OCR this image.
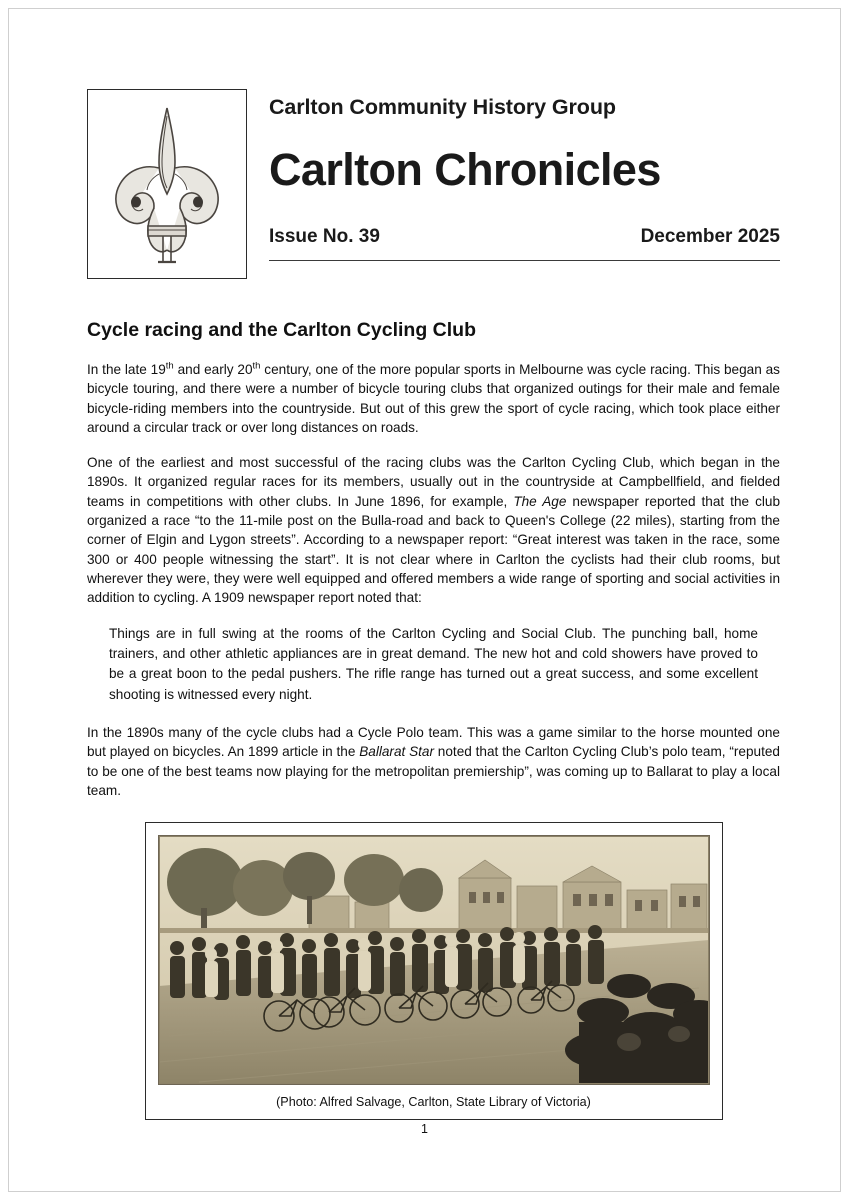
Carlton Community History Group
Carlton Chronicles
Issue No. 39	December 2025
Cycle racing and the Carlton Cycling Club

In the late 19th and early 20th century, one of the more popular sports in Melbourne was cycle racing. This began as bicycle touring, and there were a number of bicycle touring clubs that organized outings for their male and female bicycle-riding members into the countryside. But out of this grew the sport of cycle racing, which took place either around a circular track or over long distances on roads.

One of the earliest and most successful of the racing clubs was the Carlton Cycling Club, which began in the 1890s. It organized regular races for its members, usually out in the countryside at Campbellfield, and fielded teams in competitions with other clubs. In June 1896, for example, The Age newspaper reported that the club organized a race “to the 11-mile post on the Bulla-road and back to Queen's College (22 miles), starting from the corner of Elgin and Lygon streets”. According to a newspaper report: “Great interest was taken in the race, some 300 or 400 people witnessing the start”. It is not clear where in Carlton the cyclists had their club rooms, but wherever they were, they were well equipped and offered members a wide range of sporting and social activities in addition to cycling. A 1909 newspaper report noted that:

Things are in full swing at the rooms of the Carlton Cycling and Social Club. The punching ball, home trainers, and other athletic appliances are in great demand. The new hot and cold showers have proved to be a great boon to the pedal pushers. The rifle range has turned out a great success, and some excellent shooting is witnessed every night.

In the 1890s many of the cycle clubs had a Cycle Polo team. This was a game similar to the horse mounted one but played on bicycles. An 1899 article in the Ballarat Star noted that the Carlton Cycling Club’s polo team, “reputed to be one of the best teams now playing for the metropolitan premiership”, was coming up to Ballarat to play a local team.

(Photo: Alfred Salvage, Carlton, State Library of Victoria)
1
